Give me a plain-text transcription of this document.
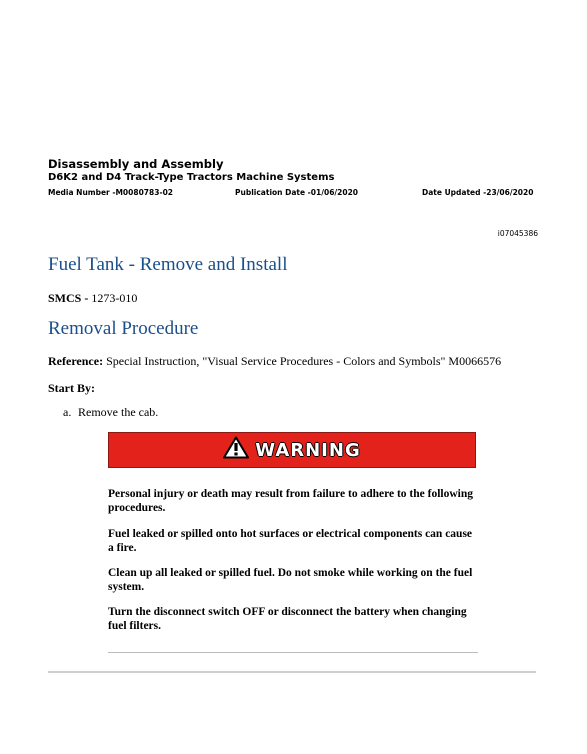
Disassembly and Assembly
D6K2 and D4 Track-Type Tractors Machine Systems
Media Number -M0080783-02	Publication Date -01/06/2020	Date Updated -23/06/2020
i07045386
Fuel Tank - Remove and Install
SMCS - 1273-010
Removal Procedure
Reference: Special Instruction, "Visual Service Procedures - Colors and Symbols" M0066576
Start By:
a. Remove the cab.
WARNING

Personal injury or death may result from failure to adhere to the following procedures.

Fuel leaked or spilled onto hot surfaces or electrical components can cause a fire.

Clean up all leaked or spilled fuel. Do not smoke while working on the fuel system.

Turn the disconnect switch OFF or disconnect the battery when changing fuel filters.
